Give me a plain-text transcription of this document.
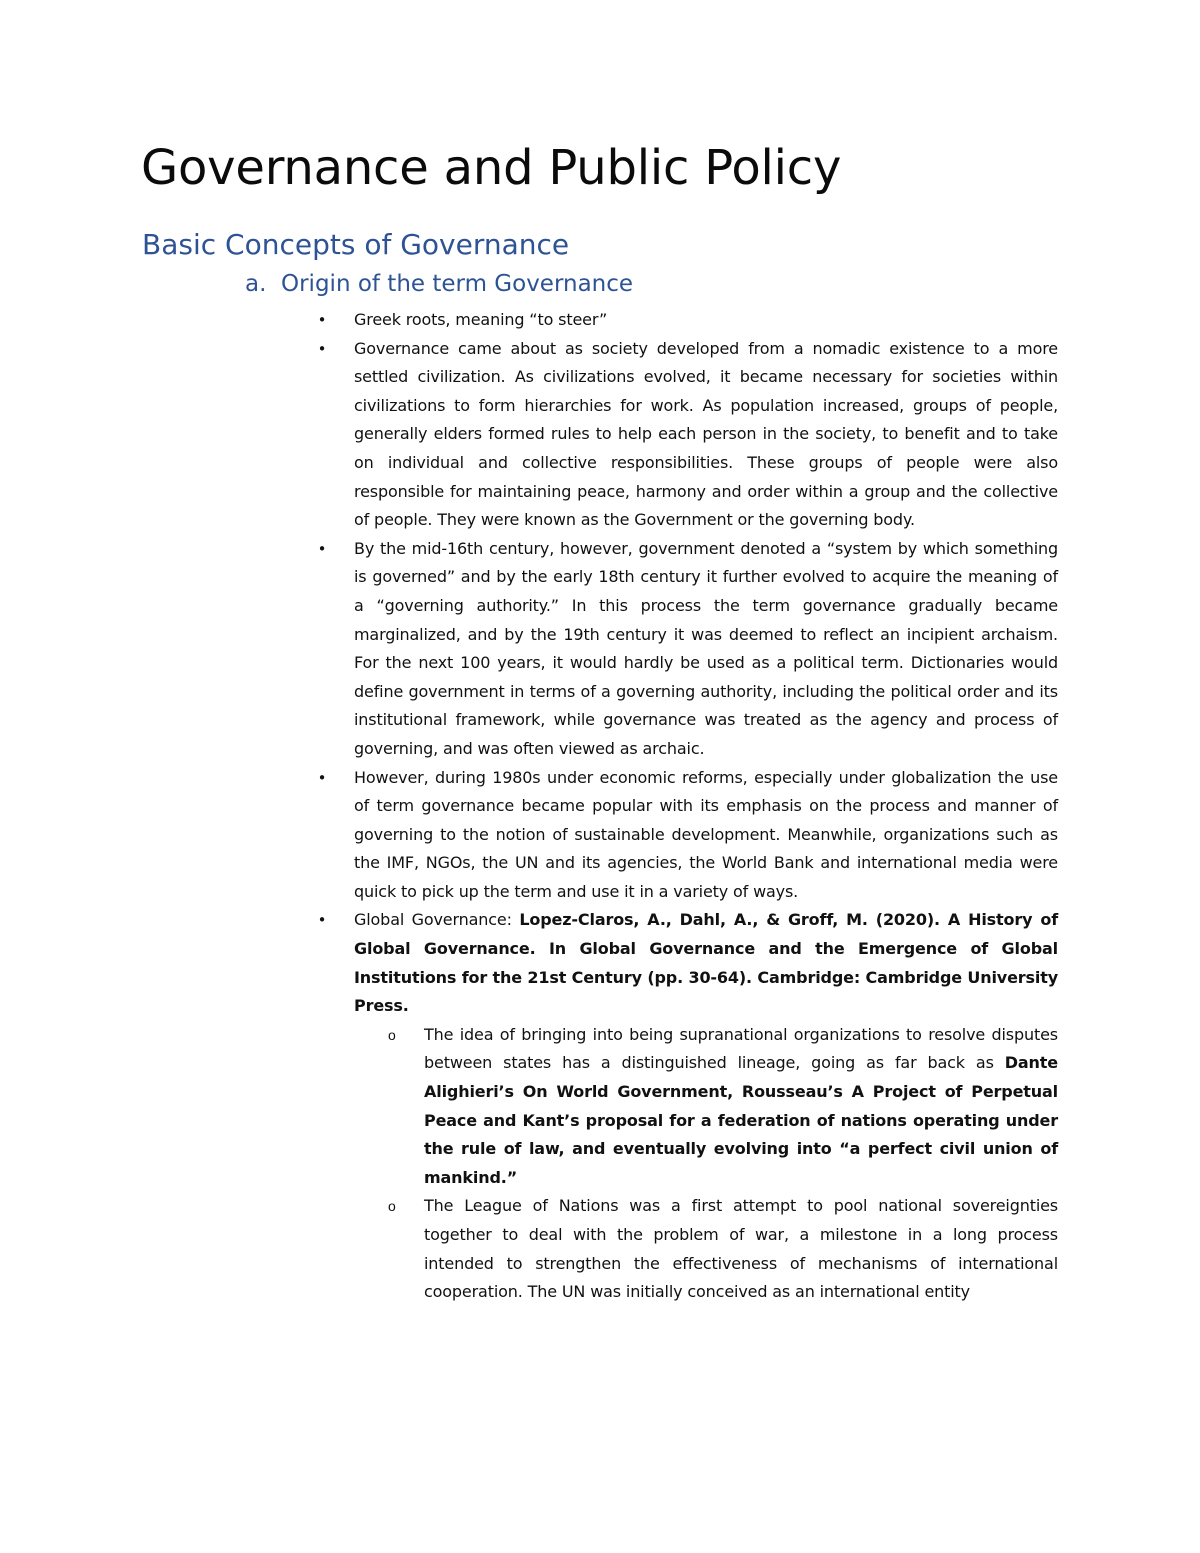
Governance and Public Policy
Basic Concepts of Governance
a. Origin of the term Governance
• Greek roots, meaning “to steer”
• Governance came about as society developed from a nomadic existence to a more settled civilization. As civilizations evolved, it became necessary for societies within civilizations to form hierarchies for work. As population increased, groups of people, generally elders formed rules to help each person in the society, to benefit and to take on individual and collective responsibilities. These groups of people were also responsible for maintaining peace, harmony and order within a group and the collective of people. They were known as the Government or the governing body.
• By the mid-16th century, however, government denoted a “system by which something is governed” and by the early 18th century it further evolved to acquire the meaning of a “governing authority.” In this process the term governance gradually became marginalized, and by the 19th century it was deemed to reflect an incipient archaism. For the next 100 years, it would hardly be used as a political term. Dictionaries would define government in terms of a governing authority, including the political order and its institutional framework, while governance was treated as the agency and process of governing, and was often viewed as archaic.
• However, during 1980s under economic reforms, especially under globalization the use of term governance became popular with its emphasis on the process and manner of governing to the notion of sustainable development. Meanwhile, organizations such as the IMF, NGOs, the UN and its agencies, the World Bank and international media were quick to pick up the term and use it in a variety of ways.
• Global Governance: Lopez-Claros, A., Dahl, A., & Groff, M. (2020). A History of Global Governance. In Global Governance and the Emergence of Global Institutions for the 21st Century (pp. 30-64). Cambridge: Cambridge University Press.
o The idea of bringing into being supranational organizations to resolve disputes between states has a distinguished lineage, going as far back as Dante Alighieri’s On World Government, Rousseau’s A Project of Perpetual Peace and Kant’s proposal for a federation of nations operating under the rule of law, and eventually evolving into “a perfect civil union of mankind.”
o The League of Nations was a first attempt to pool national sovereignties together to deal with the problem of war, a milestone in a long process intended to strengthen the effectiveness of mechanisms of international cooperation. The UN was initially conceived as an international entity
